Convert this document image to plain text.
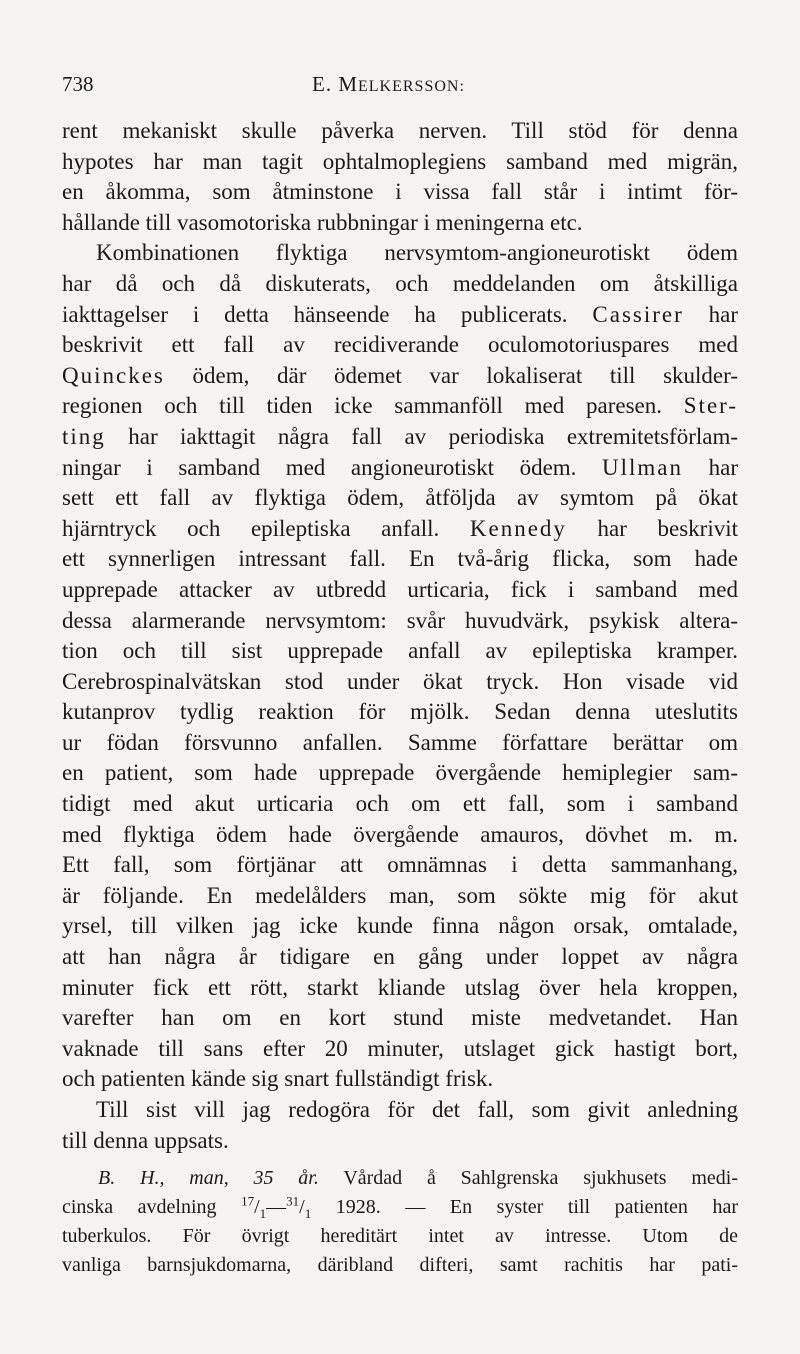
738	E. MELKERSSON:
rent mekaniskt skulle påverka nerven. Till stöd för denna
hypotes har man tagit ophtalmoplegiens samband med migrän,
en åkomma, som åtminstone i vissa fall står i intimt för-
hållande till vasomotoriska rubbningar i meningerna etc.
Kombinationen flyktiga nervsymtom-angioneurotiskt ödem
har då och då diskuterats, och meddelanden om åtskilliga
iakttagelser i detta hänseende ha publicerats. Cassirer har
beskrivit ett fall av recidiverande oculomotoriuspares med
Quinckes ödem, där ödemet var lokaliserat till skulder-
regionen och till tiden icke sammanföll med paresen. Ster-
ting har iakttagit några fall av periodiska extremitetsförlam-
ningar i samband med angioneurotiskt ödem. Ullman har
sett ett fall av flyktiga ödem, åtföljda av symtom på ökat
hjärntryck och epileptiska anfall. Kennedy har beskrivit
ett synnerligen intressant fall. En två-årig flicka, som hade
upprepade attacker av utbredd urticaria, fick i samband med
dessa alarmerande nervsymtom: svår huvudvärk, psykisk altera-
tion och till sist upprepade anfall av epileptiska kramper.
Cerebrospinalvätskan stod under ökat tryck. Hon visade vid
kutanprov tydlig reaktion för mjölk. Sedan denna uteslutits
ur födan försvunno anfallen. Samme författare berättar om
en patient, som hade upprepade övergående hemiplegier sam-
tidigt med akut urticaria och om ett fall, som i samband
med flyktiga ödem hade övergående amauros, dövhet m. m.
Ett fall, som förtjänar att omnämnas i detta sammanhang,
är följande. En medelålders man, som sökte mig för akut
yrsel, till vilken jag icke kunde finna någon orsak, omtalade,
att han några år tidigare en gång under loppet av några
minuter fick ett rött, starkt kliande utslag över hela kroppen,
varefter han om en kort stund miste medvetandet. Han
vaknade till sans efter 20 minuter, utslaget gick hastigt bort,
och patienten kände sig snart fullständigt frisk.
Till sist vill jag redogöra för det fall, som givit anledning
till denna uppsats.
B. H., man, 35 år. Vårdad å Sahlgrenska sjukhusets medi-
cinska avdelning $^{17}/_1—^{31}/_1$ 1928. — En syster till patienten har
tuberkulos. För övrigt hereditärt intet av intresse. Utom de
vanliga barnsjukdomarna, däribland difteri, samt rachitis har pati-
